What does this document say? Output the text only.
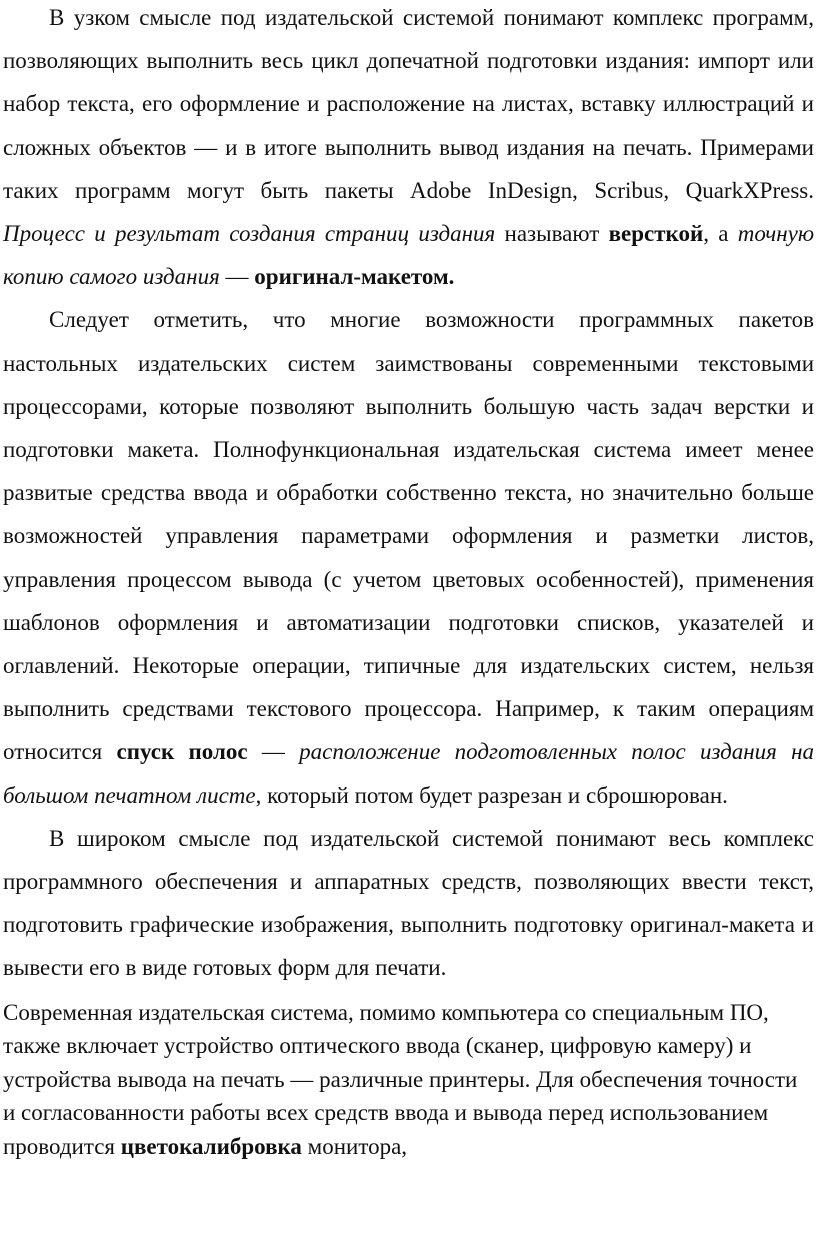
В узком смысле под издательской системой понимают комплекс программ, позволяющих выполнить весь цикл допечатной подготовки издания: импорт или набор текста, его оформление и расположение на листах, вставку иллюстраций и сложных объектов — и в итоге выполнить вывод издания на печать. Примерами таких программ могут быть пакеты Adobe InDesign, Scribus, QuarkXPress. Процесс и результат создания страниц издания называют версткой, а точную копию самого издания — оригинал-макетом.

Следует отметить, что многие возможности программных пакетов настольных издательских систем заимствованы современными текстовыми процессорами, которые позволяют выполнить большую часть задач верстки и подготовки макета. Полнофункциональная издательская система имеет менее развитые средства ввода и обработки собственно текста, но значительно больше возможностей управления параметрами оформления и разметки листов, управления процессом вывода (с учетом цветовых особенностей), применения шаблонов оформления и автоматизации подготовки списков, указателей и оглавлений. Некоторые операции, типичные для издательских систем, нельзя выполнить средствами текстового процессора. Например, к таким операциям относится спуск полос — расположение подготовленных полос издания на большом печатном листе, который потом будет разрезан и сброшюрован.

В широком смысле под издательской системой понимают весь комплекс программного обеспечения и аппаратных средств, позволяющих ввести текст, подготовить графические изображения, выполнить подготовку оригинал-макета и вывести его в виде готовых форм для печати.

Современная издательская система, помимо компьютера со специальным ПО, также включает устройство оптического ввода (сканер, цифровую камеру) и устройства вывода на печать — различные принтеры. Для обеспечения точности и согласованности работы всех средств ввода и вывода перед использованием проводится цветокалибровка монитора,
